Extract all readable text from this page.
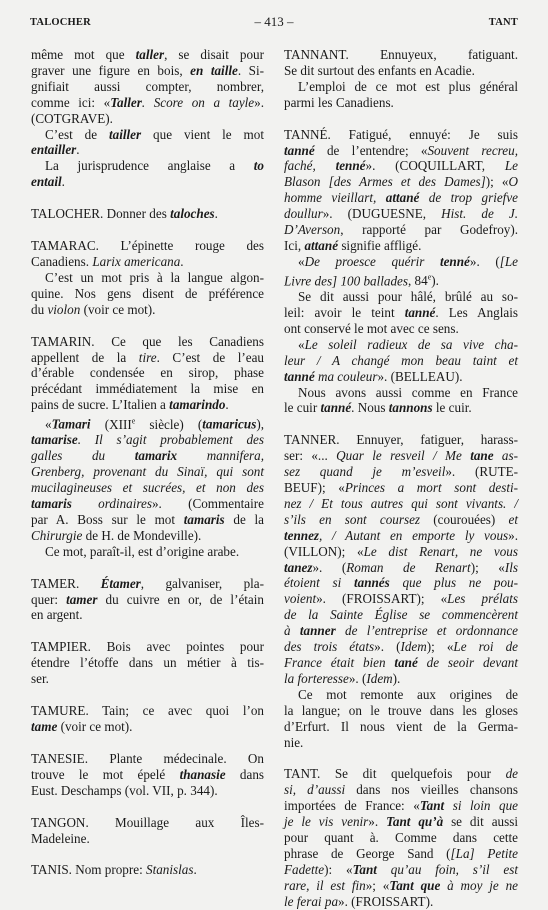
TALOCHER	– 413 –	TANT
même mot que taller, se disait pour
graver une figure en bois, en taille. Si-
gnifiait aussi compter, nombrer,
comme ici: «Taller. Score on a tayle».
(COTGRAVE).
C’est de tailler que vient le mot
entailler.
La jurisprudence anglaise a to
entail.
TALOCHER. Donner des taloches.
TAMARAC. L’épinette rouge des
Canadiens. Larix americana.
C’est un mot pris à la langue algon-
quine. Nos gens disent de préférence
du violon (voir ce mot).
TAMARIN. Ce que les Canadiens
appellent de la tire. C’est de l’eau
d’érable condensée en sirop, phase
précédant immédiatement la mise en
pains de sucre. L’Italien a tamarindo.
«Tamari (XIIIe siècle) (tamaricus),
tamarise. Il s’agit probablement des
galles du tamarix mannifera,
Grenberg, provenant du Sinaï, qui sont
mucilagineuses et sucrées, et non des
tamaris ordinaires». (Commentaire
par A. Boss sur le mot tamaris de la
Chirurgie de H. de Mondeville).
Ce mot, paraît-il, est d’origine arabe.
TAMER. Étamer, galvaniser, pla-
quer: tamer du cuivre en or, de l’étain
en argent.
TAMPIER. Bois avec pointes pour
étendre l’étoffe dans un métier à tis-
ser.
TAMURE. Tain; ce avec quoi l’on
tame (voir ce mot).
TANESIE. Plante médecinale. On
trouve le mot épelé thanasie dans
Eust. Deschamps (vol. VII, p. 344).
TANGON. Mouillage aux Îles-
Madeleine.
TANIS. Nom propre: Stanislas.
TANNANT. Ennuyeux, fatiguant.
Se dit surtout des enfants en Acadie.
L’emploi de ce mot est plus général
parmi les Canadiens.
TANNÉ. Fatigué, ennuyé: Je suis
tanné de l’entendre; «Souvent recreu,
faché, tenné». (COQUILLART, Le
Blason [des Armes et des Dames]); «O
homme vieillart, attané de trop griefve
doullur». (DUGUESNE, Hist. de J.
D’Averson, rapporté par Godefroy).
Ici, attané signifie affligé.
«De proesce quérir tenné». ([Le
Livre des] 100 ballades, 84e).
Se dit aussi pour hâlé, brûlé au so-
leil: avoir le teint tanné. Les Anglais
ont conservé le mot avec ce sens.
«Le soleil radieux de sa vive cha-
leur / A changé mon beau taint et
tanné ma couleur». (BELLEAU).
Nous avons aussi comme en France
le cuir tanné. Nous tannons le cuir.
TANNER. Ennuyer, fatiguer, harass-
ser: «... Quar le resveil / Me tane as-
sez quand je m’esveil». (RUTE-
BEUF); «Princes a mort sont desti-
nez / Et tous autres qui sont vivants. /
s’ils en sont coursez (courouées) et
tennez, / Autant en emporte ly vous».
(VILLON); «Le dist Renart, ne vous
tanez». (Roman de Renart); «Ils
étoient si tannés que plus ne pou-
voient». (FROISSART); «Les prélats
de la Sainte Église se commencèrent
à tanner de l’entreprise et ordonnance
des trois états». (Idem); «Le roi de
France était bien tané de seoir devant
la forteresse». (Idem).
Ce mot remonte aux origines de
la langue; on le trouve dans les gloses
d’Erfurt. Il nous vient de la Germa-
nie.
TANT. Se dit quelquefois pour de
si, d’aussi dans nos vieilles chansons
importées de France: «Tant si loin que
je le vis venir». Tant qu’à se dit aussi
pour quant à. Comme dans cette
phrase de George Sand ([La] Petite
Fadette): «Tant qu’au foin, s’il est
rare, il est fin»; «Tant que à moy je ne
le ferai pa». (FROISSART).
